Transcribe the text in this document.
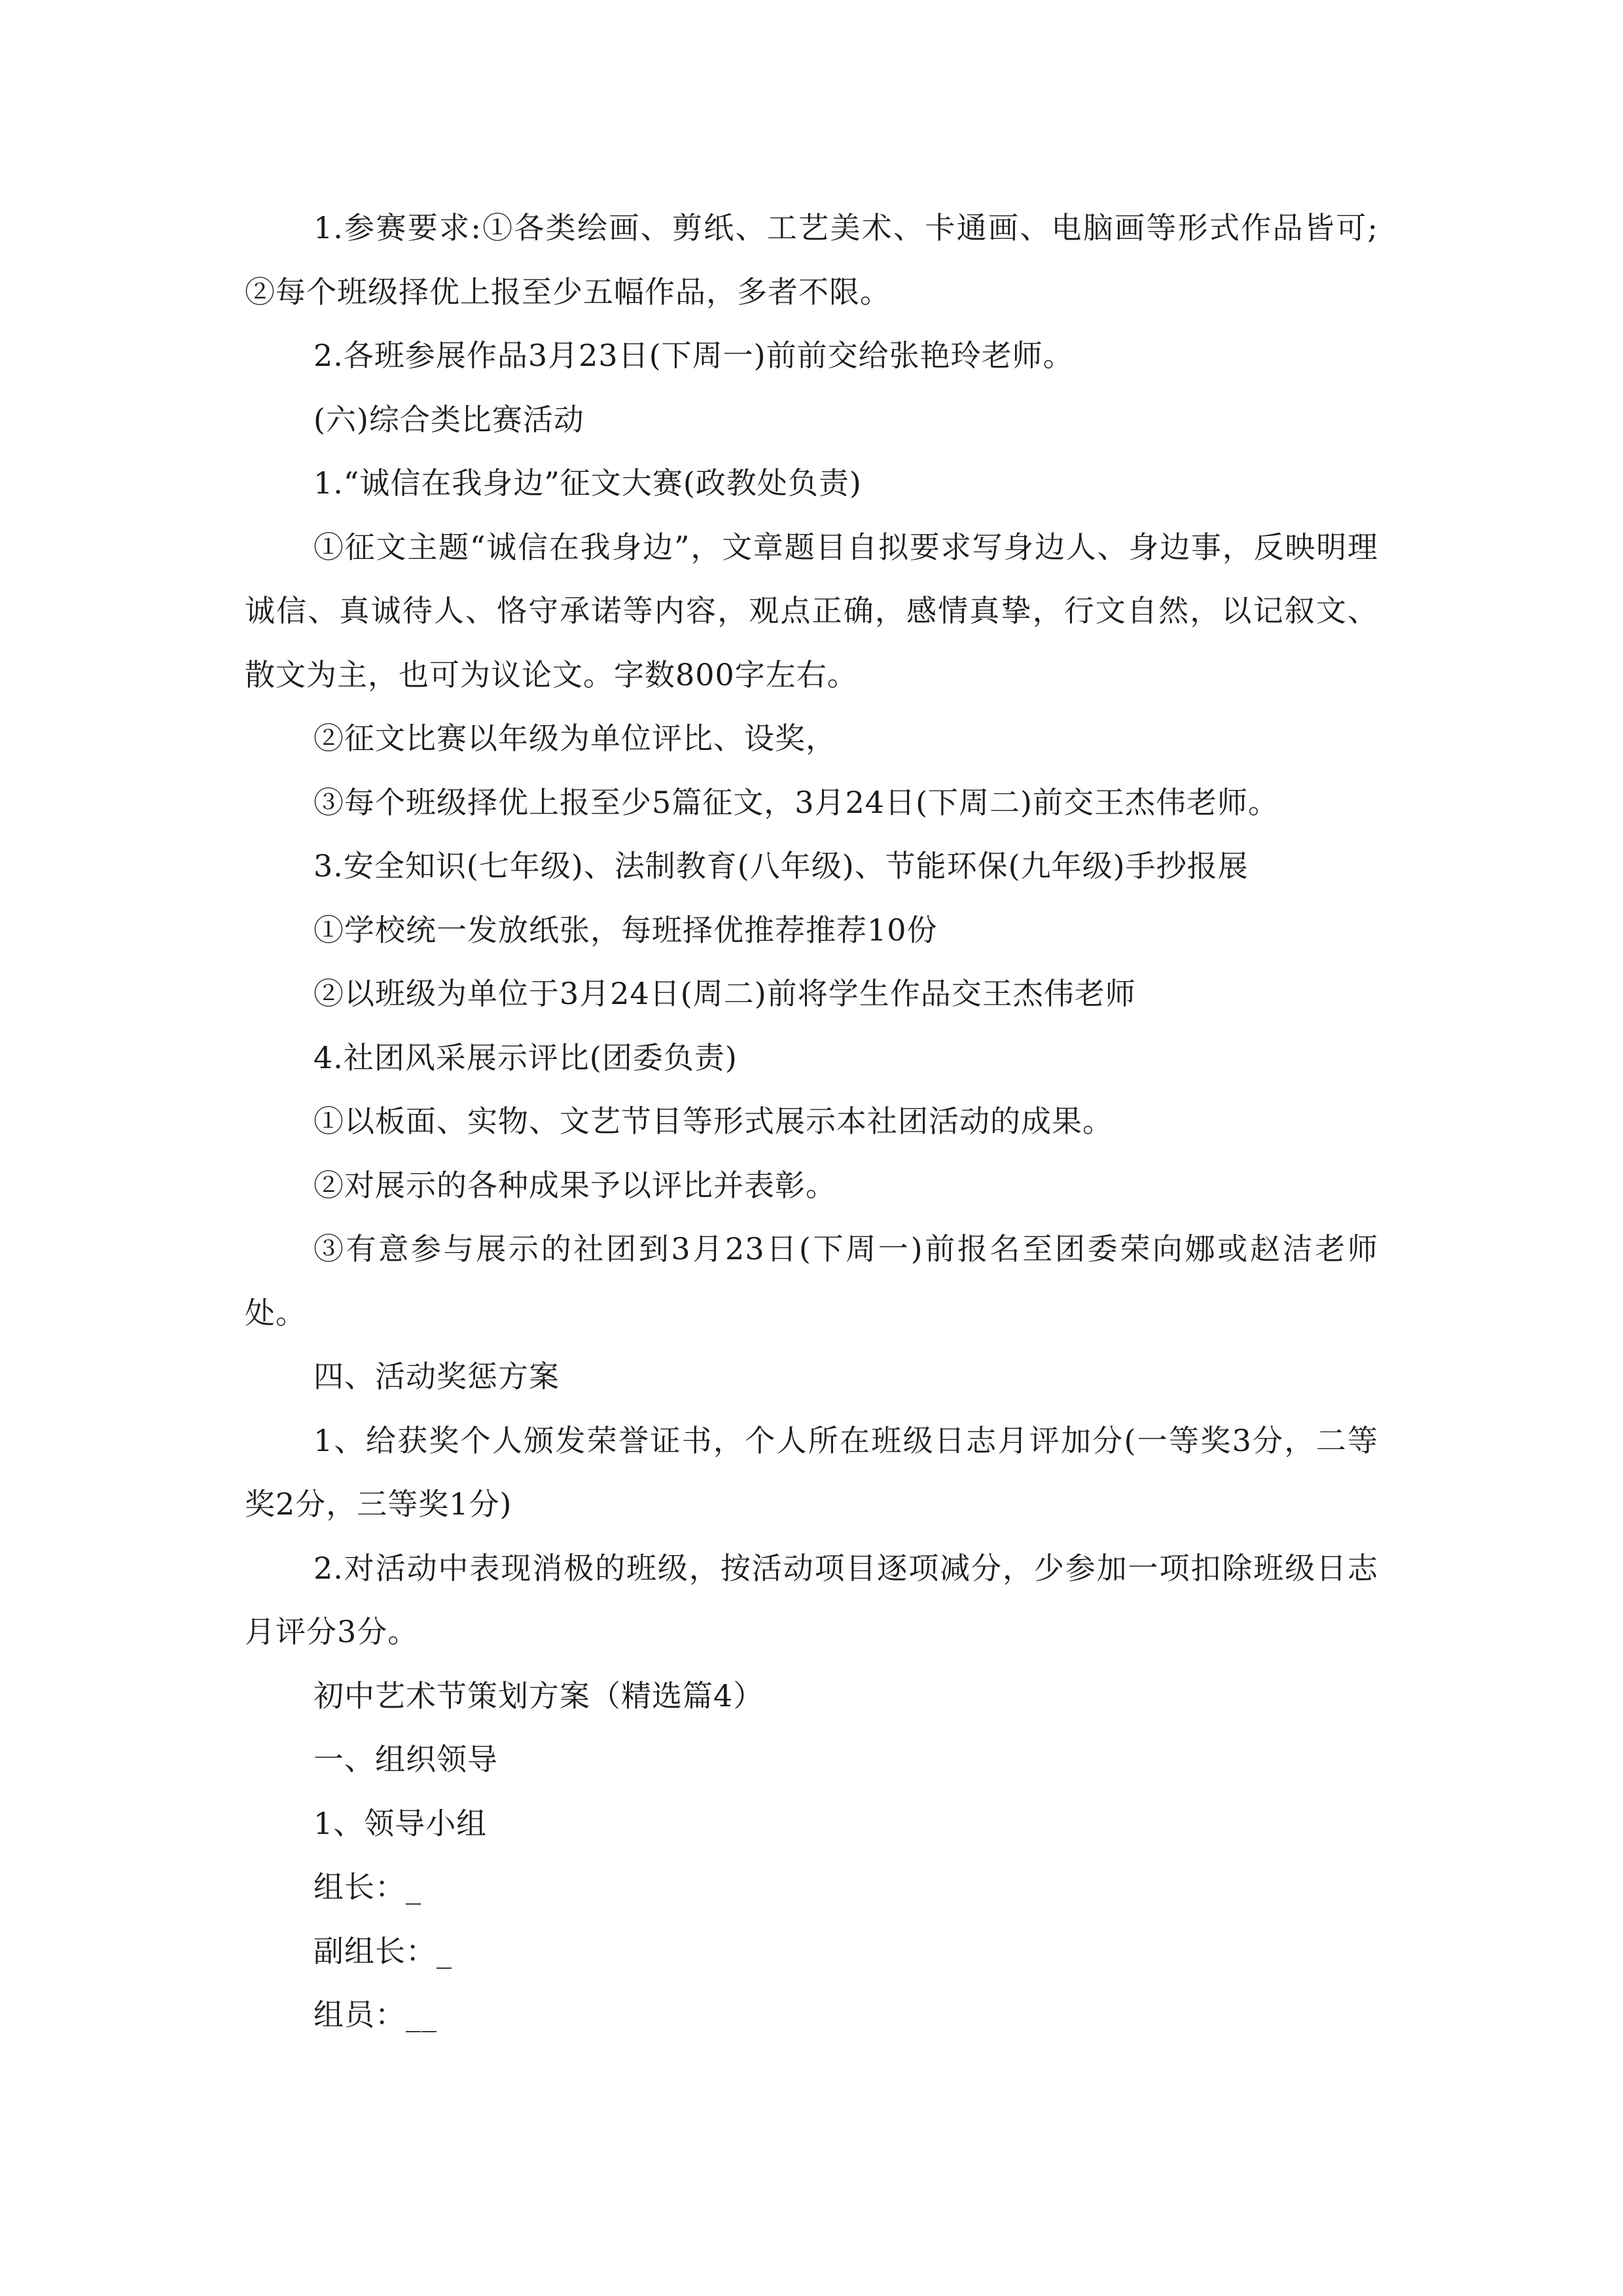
1.参赛要求:①各类绘画、剪纸、工艺美术、卡通画、电脑画等形式作品皆可;②每个班级择优上报至少五幅作品，多者不限。

2.各班参展作品3月23日(下周一)前前交给张艳玲老师。

(六)综合类比赛活动

1.“诚信在我身边”征文大赛(政教处负责)

①征文主题“诚信在我身边”，文章题目自拟要求写身边人、身边事，反映明理诚信、真诚待人、恪守承诺等内容，观点正确，感情真挚，行文自然，以记叙文、散文为主，也可为议论文。字数800字左右。

②征文比赛以年级为单位评比、设奖，

③每个班级择优上报至少5篇征文，3月24日(下周二)前交王杰伟老师。

3.安全知识(七年级)、法制教育(八年级)、节能环保(九年级)手抄报展

①学校统一发放纸张，每班择优推荐推荐10份

②以班级为单位于3月24日(周二)前将学生作品交王杰伟老师

4.社团风采展示评比(团委负责)

①以板面、实物、文艺节目等形式展示本社团活动的成果。

②对展示的各种成果予以评比并表彰。

③有意参与展示的社团到3月23日(下周一)前报名至团委荣向娜或赵洁老师处。

四、活动奖惩方案

1、给获奖个人颁发荣誉证书，个人所在班级日志月评加分(一等奖3分，二等奖2分，三等奖1分)

2.对活动中表现消极的班级，按活动项目逐项减分，少参加一项扣除班级日志月评分3分。

初中艺术节策划方案（精选篇4）

一、组织领导

1、领导小组

组长：_

副组长：_

组员：__
